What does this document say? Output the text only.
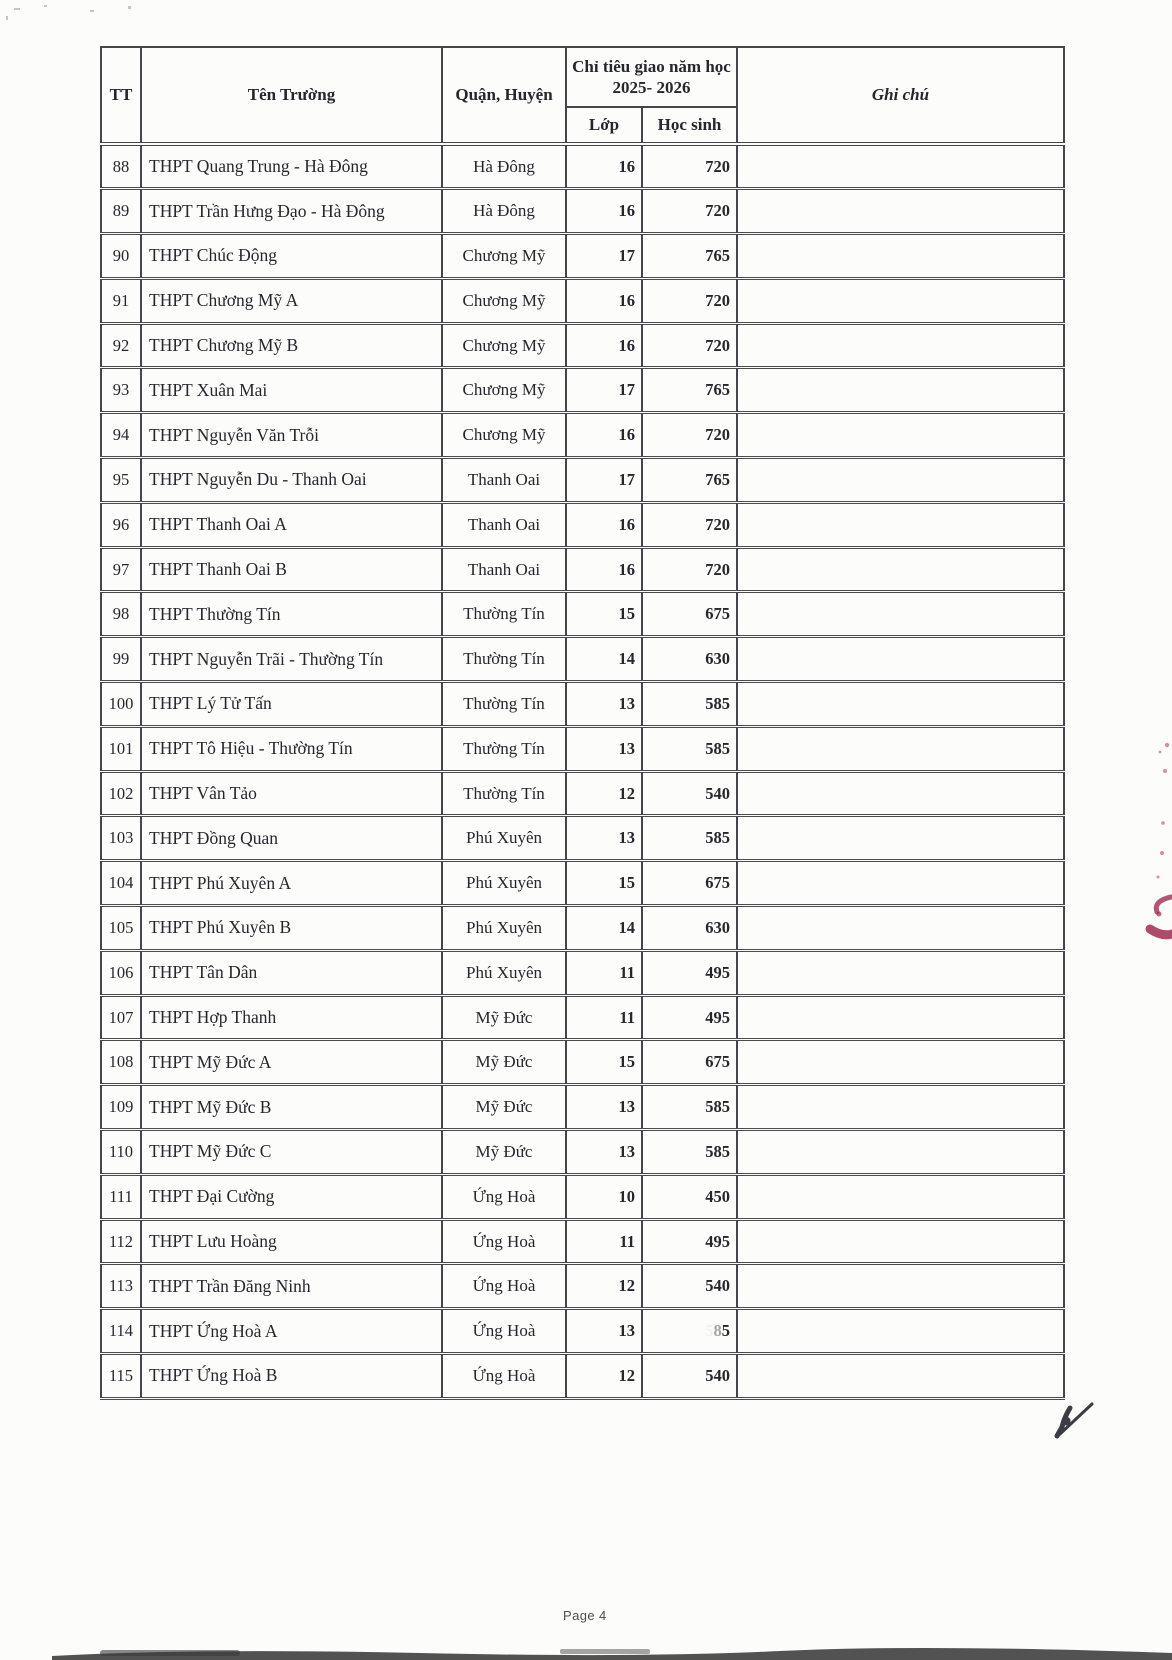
TT	Tên Trường	Quận, Huyện	Chỉ tiêu giao năm học 2025- 2026		Ghi chú
			Lớp	Học sinh	
88	THPT Quang Trung - Hà Đông	Hà Đông	16	720	
89	THPT Trần Hưng Đạo - Hà Đông	Hà Đông	16	720	
90	THPT Chúc Động	Chương Mỹ	17	765	
91	THPT Chương Mỹ A	Chương Mỹ	16	720	
92	THPT Chương Mỹ B	Chương Mỹ	16	720	
93	THPT Xuân Mai	Chương Mỹ	17	765	
94	THPT Nguyễn Văn Trỗi	Chương Mỹ	16	720	
95	THPT Nguyễn Du - Thanh Oai	Thanh Oai	17	765	
96	THPT Thanh Oai A	Thanh Oai	16	720	
97	THPT Thanh Oai B	Thanh Oai	16	720	
98	THPT Thường Tín	Thường Tín	15	675	
99	THPT Nguyễn Trãi - Thường Tín	Thường Tín	14	630	
100	THPT Lý Tử Tấn	Thường Tín	13	585	
101	THPT Tô Hiệu - Thường Tín	Thường Tín	13	585	
102	THPT Vân Tảo	Thường Tín	12	540	
103	THPT Đồng Quan	Phú Xuyên	13	585	
104	THPT Phú Xuyên A	Phú Xuyên	15	675	
105	THPT Phú Xuyên B	Phú Xuyên	14	630	
106	THPT Tân Dân	Phú Xuyên	11	495	
107	THPT Hợp Thanh	Mỹ Đức	11	495	
108	THPT Mỹ Đức A	Mỹ Đức	15	675	
109	THPT Mỹ Đức B	Mỹ Đức	13	585	
110	THPT Mỹ Đức C	Mỹ Đức	13	585	
111	THPT Đại Cường	Ứng Hoà	10	450	
112	THPT Lưu Hoàng	Ứng Hoà	11	495	
113	THPT Trần Đăng Ninh	Ứng Hoà	12	540	
114	THPT Ứng Hoà A	Ứng Hoà	13	585	
115	THPT Ứng Hoà B	Ứng Hoà	12	540	
Page 4
